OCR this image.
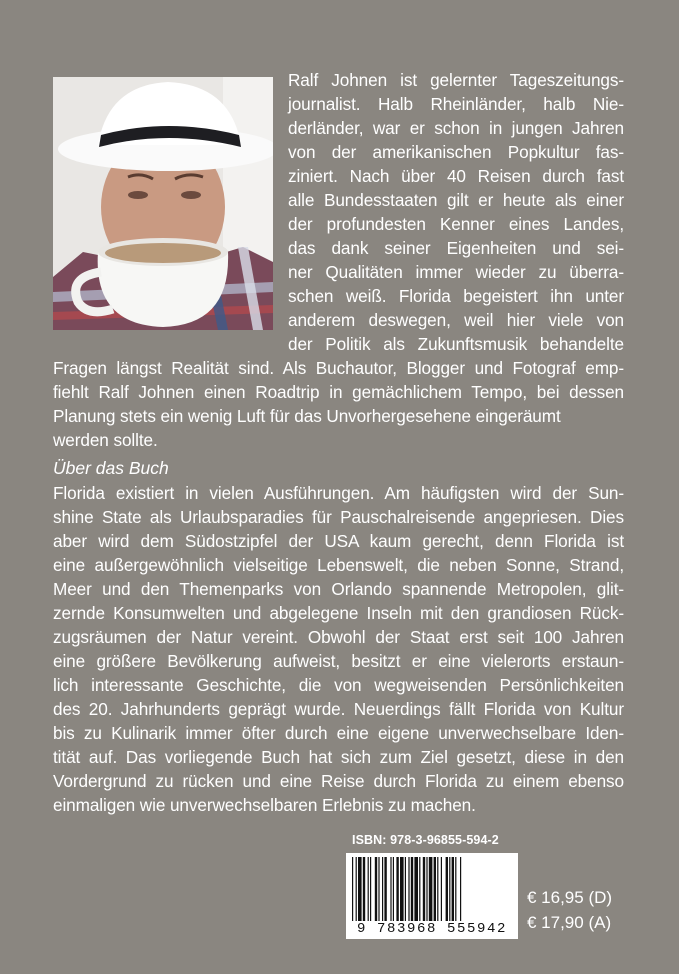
Ralf Johnen ist gelernter Tageszeitungs-
journalist. Halb Rheinländer, halb Nie-
derländer, war er schon in jungen Jahren
von der amerikanischen Popkultur fas-
ziniert. Nach über 40 Reisen durch fast
alle Bundesstaaten gilt er heute als einer
der profundesten Kenner eines Landes,
das dank seiner Eigenheiten und sei-
ner Qualitäten immer wieder zu überra-
schen weiß. Florida begeistert ihn unter
anderem deswegen, weil hier viele von
der Politik als Zukunftsmusik behandelte
Fragen längst Realität sind. Als Buchautor, Blogger und Fotograf emp-
fiehlt Ralf Johnen einen Roadtrip in gemächlichem Tempo, bei dessen
Planung stets ein wenig Luft für das Unvorhergesehene eingeräumt
werden sollte.
Über das Buch
Florida existiert in vielen Ausführungen. Am häufigsten wird der Sun-
shine State als Urlaubsparadies für Pauschalreisende angepriesen. Dies
aber wird dem Südostzipfel der USA kaum gerecht, denn Florida ist
eine außergewöhnlich vielseitige Lebenswelt, die neben Sonne, Strand,
Meer und den Themenparks von Orlando spannende Metropolen, glit-
zernde Konsumwelten und abgelegene Inseln mit den grandiosen Rück-
zugsräumen der Natur vereint. Obwohl der Staat erst seit 100 Jahren
eine größere Bevölkerung aufweist, besitzt er eine vielerorts erstaun-
lich interessante Geschichte, die von wegweisenden Persönlichkeiten
des 20. Jahrhunderts geprägt wurde. Neuerdings fällt Florida von Kultur
bis zu Kulinarik immer öfter durch eine eigene unverwechselbare Iden-
tität auf. Das vorliegende Buch hat sich zum Ziel gesetzt, diese in den
Vordergrund zu rücken und eine Reise durch Florida zu einem ebenso
einmaligen wie unverwechselbaren Erlebnis zu machen.
ISBN: 978-3-96855-594-2
9 783968 555942
€ 16,95 (D)
€ 17,90 (A)
